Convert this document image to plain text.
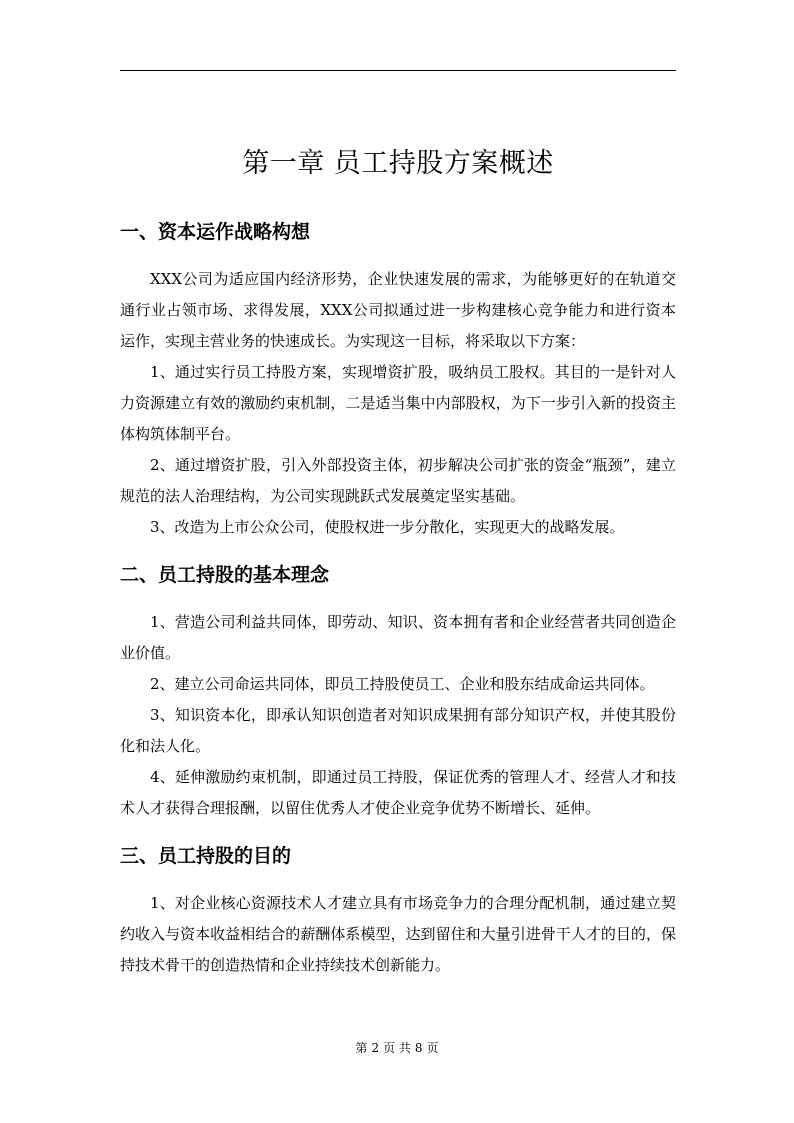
第一章 员工持股方案概述
一、资本运作战略构想

XXX公司为适应国内经济形势，企业快速发展的需求，为能够更好的在轨道交通行业占领市场、求得发展，XXX公司拟通过进一步构建核心竞争能力和进行资本运作，实现主营业务的快速成长。为实现这一目标，将采取以下方案：

1、通过实行员工持股方案，实现增资扩股，吸纳员工股权。其目的一是针对人力资源建立有效的激励约束机制，二是适当集中内部股权，为下一步引入新的投资主体构筑体制平台。

2、通过增资扩股，引入外部投资主体，初步解决公司扩张的资金“瓶颈”，建立规范的法人治理结构，为公司实现跳跃式发展奠定坚实基础。

3、改造为上市公众公司，使股权进一步分散化，实现更大的战略发展。

二、员工持股的基本理念

1、营造公司利益共同体，即劳动、知识、资本拥有者和企业经营者共同创造企业价值。

2、建立公司命运共同体，即员工持股使员工、企业和股东结成命运共同体。

3、知识资本化，即承认知识创造者对知识成果拥有部分知识产权，并使其股份化和法人化。

4、延伸激励约束机制，即通过员工持股，保证优秀的管理人才、经营人才和技术人才获得合理报酬，以留住优秀人才使企业竞争优势不断增长、延伸。

三、员工持股的目的

1、对企业核心资源技术人才建立具有市场竞争力的合理分配机制，通过建立契约收入与资本收益相结合的薪酬体系模型，达到留住和大量引进骨干人才的目的，保持技术骨干的创造热情和企业持续技术创新能力。

第 2 页 共 8 页
